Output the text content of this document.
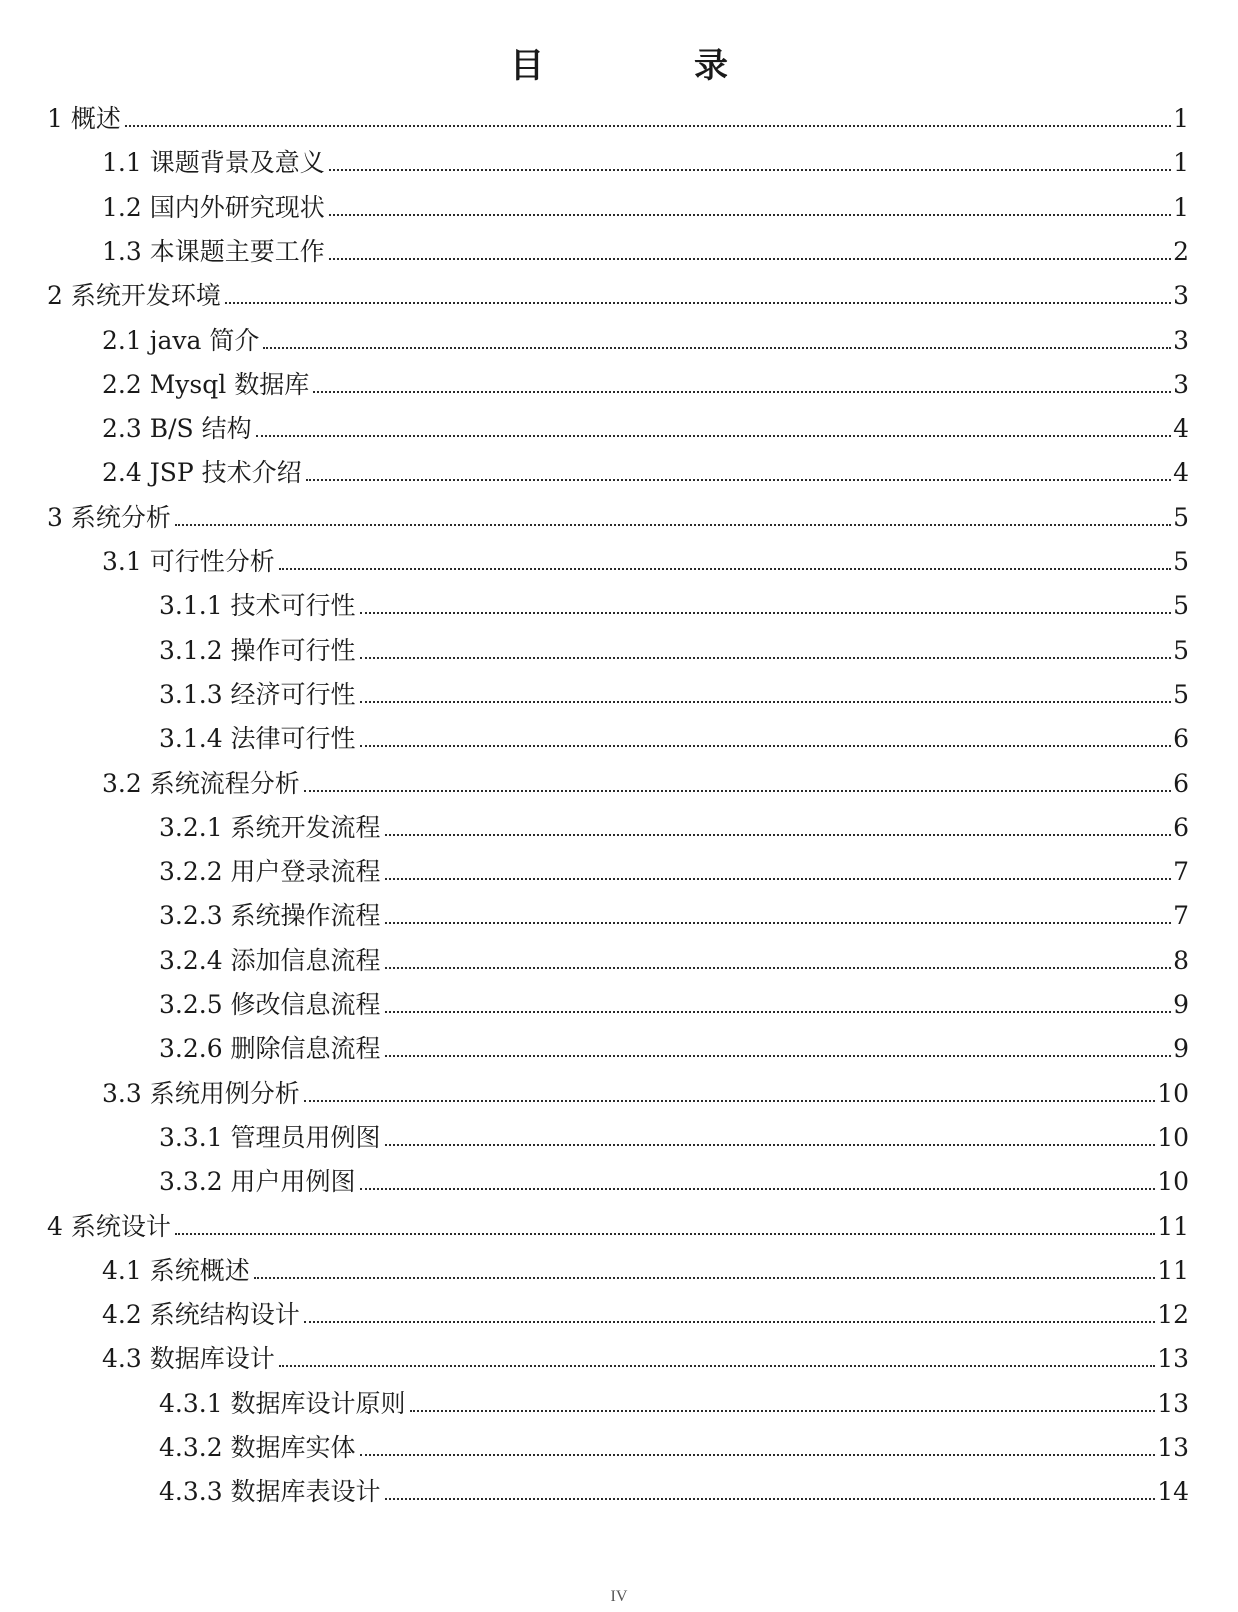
目　录
1 概述	1
1.1 课题背景及意义	1
1.2 国内外研究现状	1
1.3 本课题主要工作	2
2 系统开发环境	3
2.1 java 简介	3
2.2 Mysql 数据库	3
2.3 B/S 结构	4
2.4 JSP 技术介绍	4
3 系统分析	5
3.1 可行性分析	5
3.1.1 技术可行性	5
3.1.2 操作可行性	5
3.1.3 经济可行性	5
3.1.4 法律可行性	6
3.2 系统流程分析	6
3.2.1 系统开发流程	6
3.2.2 用户登录流程	7
3.2.3 系统操作流程	7
3.2.4 添加信息流程	8
3.2.5 修改信息流程	9
3.2.6 删除信息流程	9
3.3 系统用例分析	10
3.3.1 管理员用例图	10
3.3.2 用户用例图	10
4 系统设计	11
4.1 系统概述	11
4.2 系统结构设计	12
4.3 数据库设计	13
4.3.1 数据库设计原则	13
4.3.2 数据库实体	13
4.3.3 数据库表设计	14
IV
